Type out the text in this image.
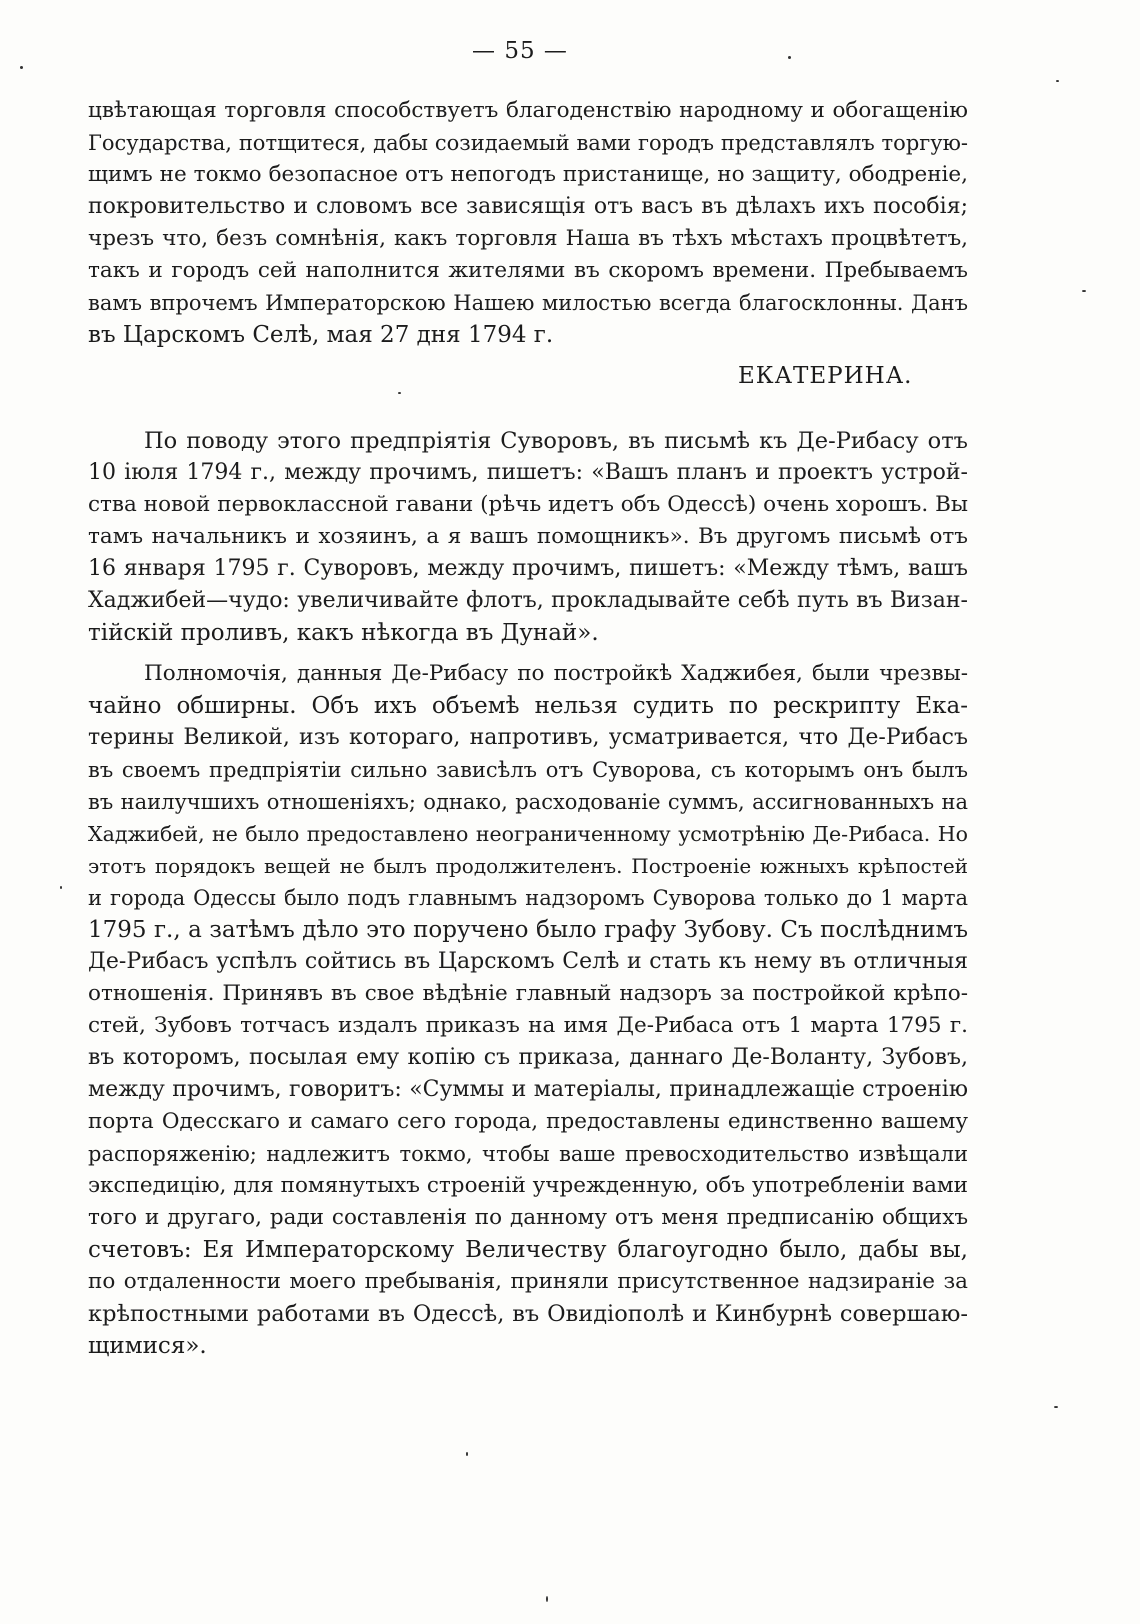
— 55 —
цвѣтающая торговля способствуетъ благоденствію народному и обогащенію
Государства, потщитеся, дабы созидаемый вами городъ представлялъ торгую-
щимъ не токмо безопасное отъ непогодъ пристанище, но защиту, ободреніе,
покровительство и словомъ все зависящія отъ васъ въ дѣлахъ ихъ пособія;
чрезъ что, безъ сомнѣнія, какъ торговля Наша въ тѣхъ мѣстахъ процвѣтетъ,
такъ и городъ сей наполнится жителями въ скоромъ времени. Пребываемъ
вамъ впрочемъ Императорскою Нашею милостью всегда благосклонны. Данъ
въ Царскомъ Селѣ, мая 27 дня 1794 г.
ЕКАТЕРИНА.
По поводу этого предпріятія Суворовъ, въ письмѣ къ Де-Рибасу отъ
10 іюля 1794 г., между прочимъ, пишетъ: «Вашъ планъ и проектъ устрой-
ства новой первоклассной гавани (рѣчь идетъ объ Одессѣ) очень хорошъ. Вы
тамъ начальникъ и хозяинъ, а я вашъ помощникъ». Въ другомъ письмѣ отъ
16 января 1795 г. Суворовъ, между прочимъ, пишетъ: «Между тѣмъ, вашъ
Хаджибей—чудо: увеличивайте флотъ, прокладывайте себѣ путь въ Визан-
тійскій проливъ, какъ нѣкогда въ Дунай».
Полномочія, данныя Де-Рибасу по постройкѣ Хаджибея, были чрезвы-
чайно обширны. Объ ихъ объемѣ нельзя судить по рескрипту Ека-
терины Великой, изъ котораго, напротивъ, усматривается, что Де-Рибасъ
въ своемъ предпріятіи сильно зависѣлъ отъ Суворова, съ которымъ онъ былъ
въ наилучшихъ отношеніяхъ; однако, расходованіе суммъ, ассигнованныхъ на
Хаджибей, не было предоставлено неограниченному усмотрѣнію Де-Рибаса. Но
этотъ порядокъ вещей не былъ продолжителенъ. Построеніе южныхъ крѣпостей
и города Одессы было подъ главнымъ надзоромъ Суворова только до 1 марта
1795 г., а затѣмъ дѣло это поручено было графу Зубову. Съ послѣднимъ
Де-Рибасъ успѣлъ сойтись въ Царскомъ Селѣ и стать къ нему въ отличныя
отношенія. Принявъ въ свое вѣдѣніе главный надзоръ за постройкой крѣпо-
стей, Зубовъ тотчасъ издалъ приказъ на имя Де-Рибаса отъ 1 марта 1795 г.
въ которомъ, посылая ему копію съ приказа, даннаго Де-Воланту, Зубовъ,
между прочимъ, говоритъ: «Суммы и матеріалы, принадлежащіе строенію
порта Одесскаго и самаго сего города, предоставлены единственно вашему
распоряженію; надлежитъ токмо, чтобы ваше превосходительство извѣщали
экспедицію, для помянутыхъ строеній учрежденную, объ употребленіи вами
того и другаго, ради составленія по данному отъ меня предписанію общихъ
счетовъ: Ея Императорскому Величеству благоугодно было, дабы вы,
по отдаленности моего пребыванія, приняли присутственное надзираніе за
крѣпостными работами въ Одессѣ, въ Овидіополѣ и Кинбурнѣ совершаю-
щимися».
